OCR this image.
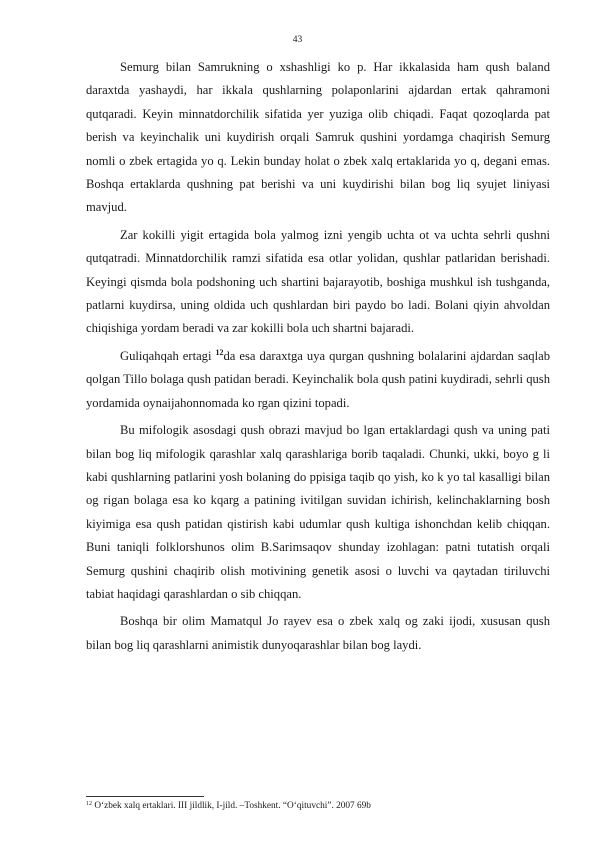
43

Semurg bilan Samrukning o xshashligi ko p. Har ikkalasida ham qush baland daraxtda yashaydi, har ikkala qushlarning polaponlarini ajdardan ertak qahramoni qutqaradi. Keyin minnatdorchilik sifatida yer yuziga olib chiqadi. Faqat qozoqlarda pat berish va keyinchalik uni kuydirish orqali Samruk qushini yordamga chaqirish Semurg nomli o zbek ertagida yo q. Lekin bunday holat o zbek xalq ertaklarida yo q, degani emas. Boshqa ertaklarda qushning pat berishi va uni kuydirishi bilan bog liq syujet liniyasi mavjud.

Zar kokilli yigit ertagida bola yalmog izni yengib uchta ot va uchta sehrli qushni qutqatradi. Minnatdorchilik ramzi sifatida esa otlar yolidan, qushlar patlaridan berishadi. Keyingi qismda bola podshoning uch shartini bajarayotib, boshiga mushkul ish tushganda, patlarni kuydirsa, uning oldida uch qushlardan biri paydo bo ladi. Bolani qiyin ahvoldan chiqishiga yordam beradi va zar kokilli bola uch shartni bajaradi.

Guliqahqah ertagi $^{12}$da esa daraxtga uya qurgan qushning bolalarini ajdardan saqlab qolgan Tillo bolaga qush patidan beradi. Keyinchalik bola qush patini kuydiradi, sehrli qush yordamida oynaijahonnomada ko rgan qizini topadi.

Bu mifologik asosdagi qush obrazi mavjud bo lgan ertaklardagi qush va uning pati bilan bog liq mifologik qarashlar xalq qarashlariga borib taqaladi. Chunki, ukki, boyo g li kabi qushlarning patlarini yosh bolaning do ppisiga taqib qo yish, ko k yo tal kasalligi bilan og rigan bolaga esa ko kqarg a patining ivitilgan suvidan ichirish, kelinchaklarning bosh kiyimiga esa qush patidan qistirish kabi udumlar qush kultiga ishonchdan kelib chiqqan. Buni taniqli folklorshunos olim B.Sarimsaqov shunday izohlagan: patni tutatish orqali Semurg qushini chaqirib olish motivining genetik asosi o luvchi va qaytadan tiriluvchi tabiat haqidagi qarashlardan o sib chiqqan.

Boshqa bir olim Mamatqul Jo rayev esa o zbek xalq og zaki ijodi, xususan qush bilan bog liq qarashlarni animistik dunyoqarashlar bilan bog laydi.

$^{12}$ O‘zbek xalq ertaklari. III jildlik, I-jild. –Toshkent. “O‘qituvchi”. 2007 69b
